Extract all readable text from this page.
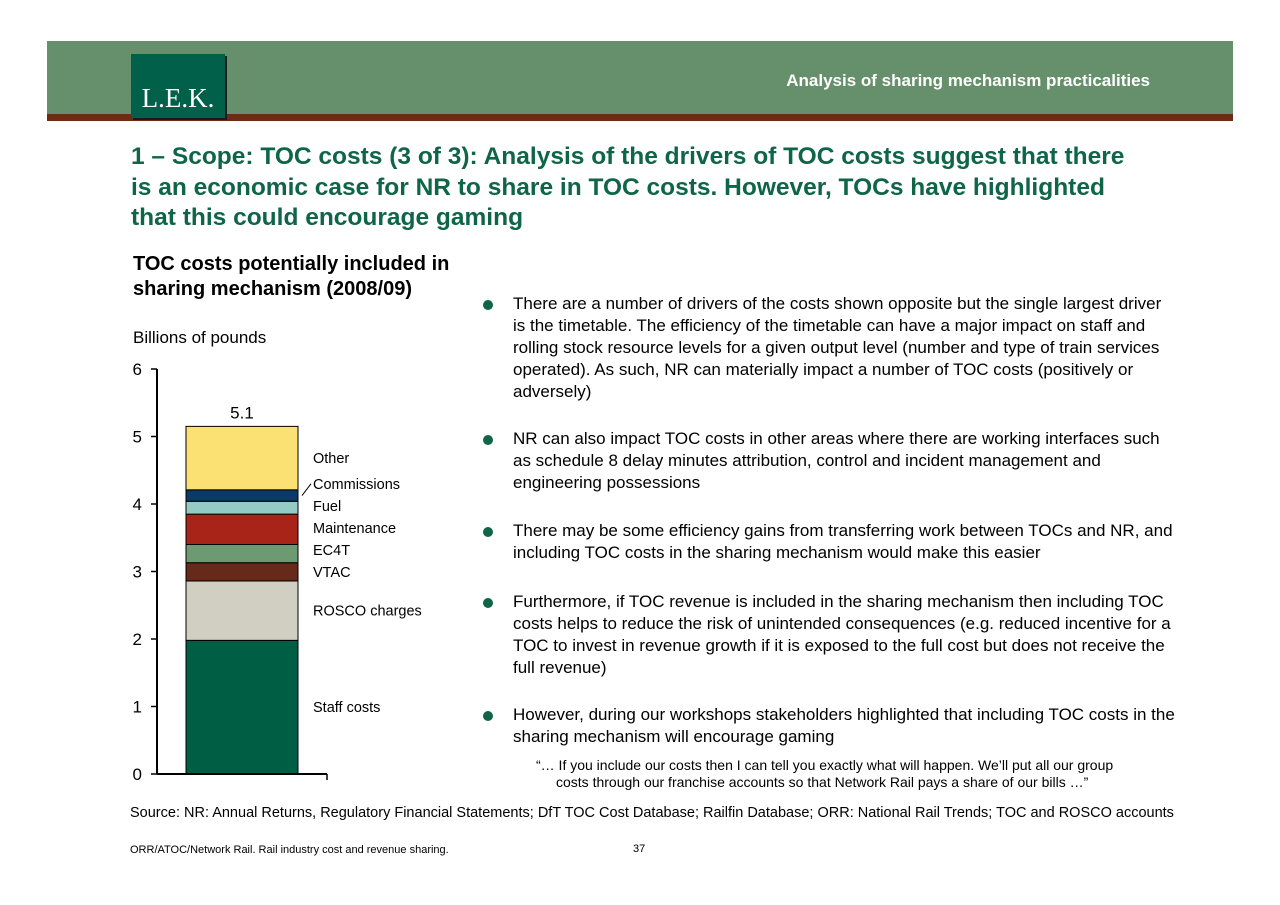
L.E.K.
Analysis of sharing mechanism practicalities
1 – Scope: TOC costs (3 of 3): Analysis of the drivers of TOC costs suggest that there is an economic case for NR to share in TOC costs. However, TOCs have highlighted that this could encourage gaming
TOC costs potentially included in sharing mechanism (2008/09)
Billions of pounds
0
1
2
3
4
5
6
5.1
Staff costs
ROSCO charges
VTAC
EC4T
Maintenance
Fuel
Commissions
Other
There are a number of drivers of the costs shown opposite but the single largest driver is the timetable. The efficiency of the timetable can have a major impact on staff and rolling stock resource levels for a given output level (number and type of train services operated). As such, NR can materially impact a number of TOC costs (positively or adversely)
NR can also impact TOC costs in other areas where there are working interfaces such as schedule 8 delay minutes attribution, control and incident management and engineering possessions
There may be some efficiency gains from transferring work between TOCs and NR, and including TOC costs in the sharing mechanism would make this easier
Furthermore, if TOC revenue is included in the sharing mechanism then including TOC costs helps to reduce the risk of unintended consequences (e.g. reduced incentive for a TOC to invest in revenue growth if it is exposed to the full cost but does not receive the full revenue)
However, during our workshops stakeholders highlighted that including TOC costs in the sharing mechanism will encourage gaming
“… If you include our costs then I can tell you exactly what will happen. We’ll put all our group
costs through our franchise accounts so that Network Rail pays a share of our bills …”
Source: NR: Annual Returns, Regulatory Financial Statements; DfT TOC Cost Database; Railfin Database; ORR: National Rail Trends; TOC and ROSCO accounts
ORR/ATOC/Network Rail. Rail industry cost and revenue sharing.	37
